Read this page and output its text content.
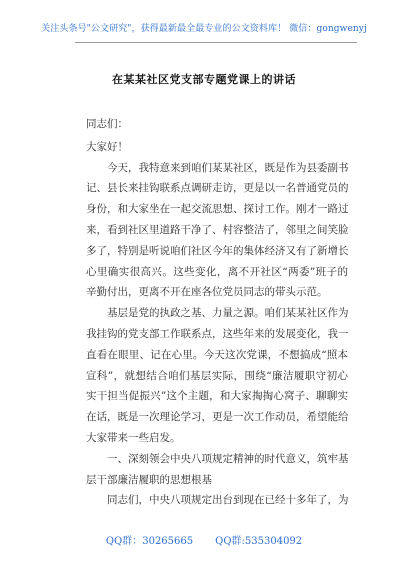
关注头条号"公文研究"，获得最新最全最专业的公文资料库！ 微信：gongwenyj
在某某社区党支部专题党课上的讲话
同志们：
大家好！
今天，我特意来到咱们某某社区，既是作为县委副书
记、县长来挂钩联系点调研走访，更是以一名普通党员的
身份，和大家坐在一起交流思想、探讨工作。刚才一路过
来，看到社区里道路干净了、村容整洁了，邻里之间笑脸
多了，特别是听说咱们社区今年的集体经济又有了新增长
心里确实很高兴。这些变化，离不开社区“两委”班子的
辛勤付出，更离不开在座各位党员同志的带头示范。
基层是党的执政之基、力量之源。咱们某某社区作为
我挂钩的党支部工作联系点，这些年来的发展变化，我一
直看在眼里、记在心里。今天这次党课，不想搞成“照本
宣科”，就想结合咱们基层实际，围绕“廉洁履职守初心
实干担当促振兴”这个主题，和大家掏掏心窝子、聊聊实
在话，既是一次理论学习，更是一次工作动员，希望能给
大家带来一些启发。
一、深刻领会中央八项规定精神的时代意义，筑牢基
层干部廉洁履职的思想根基
同志们，中央八项规定出台到现在已经十多年了，为
QQ群：30265665 QQ群:535304092
